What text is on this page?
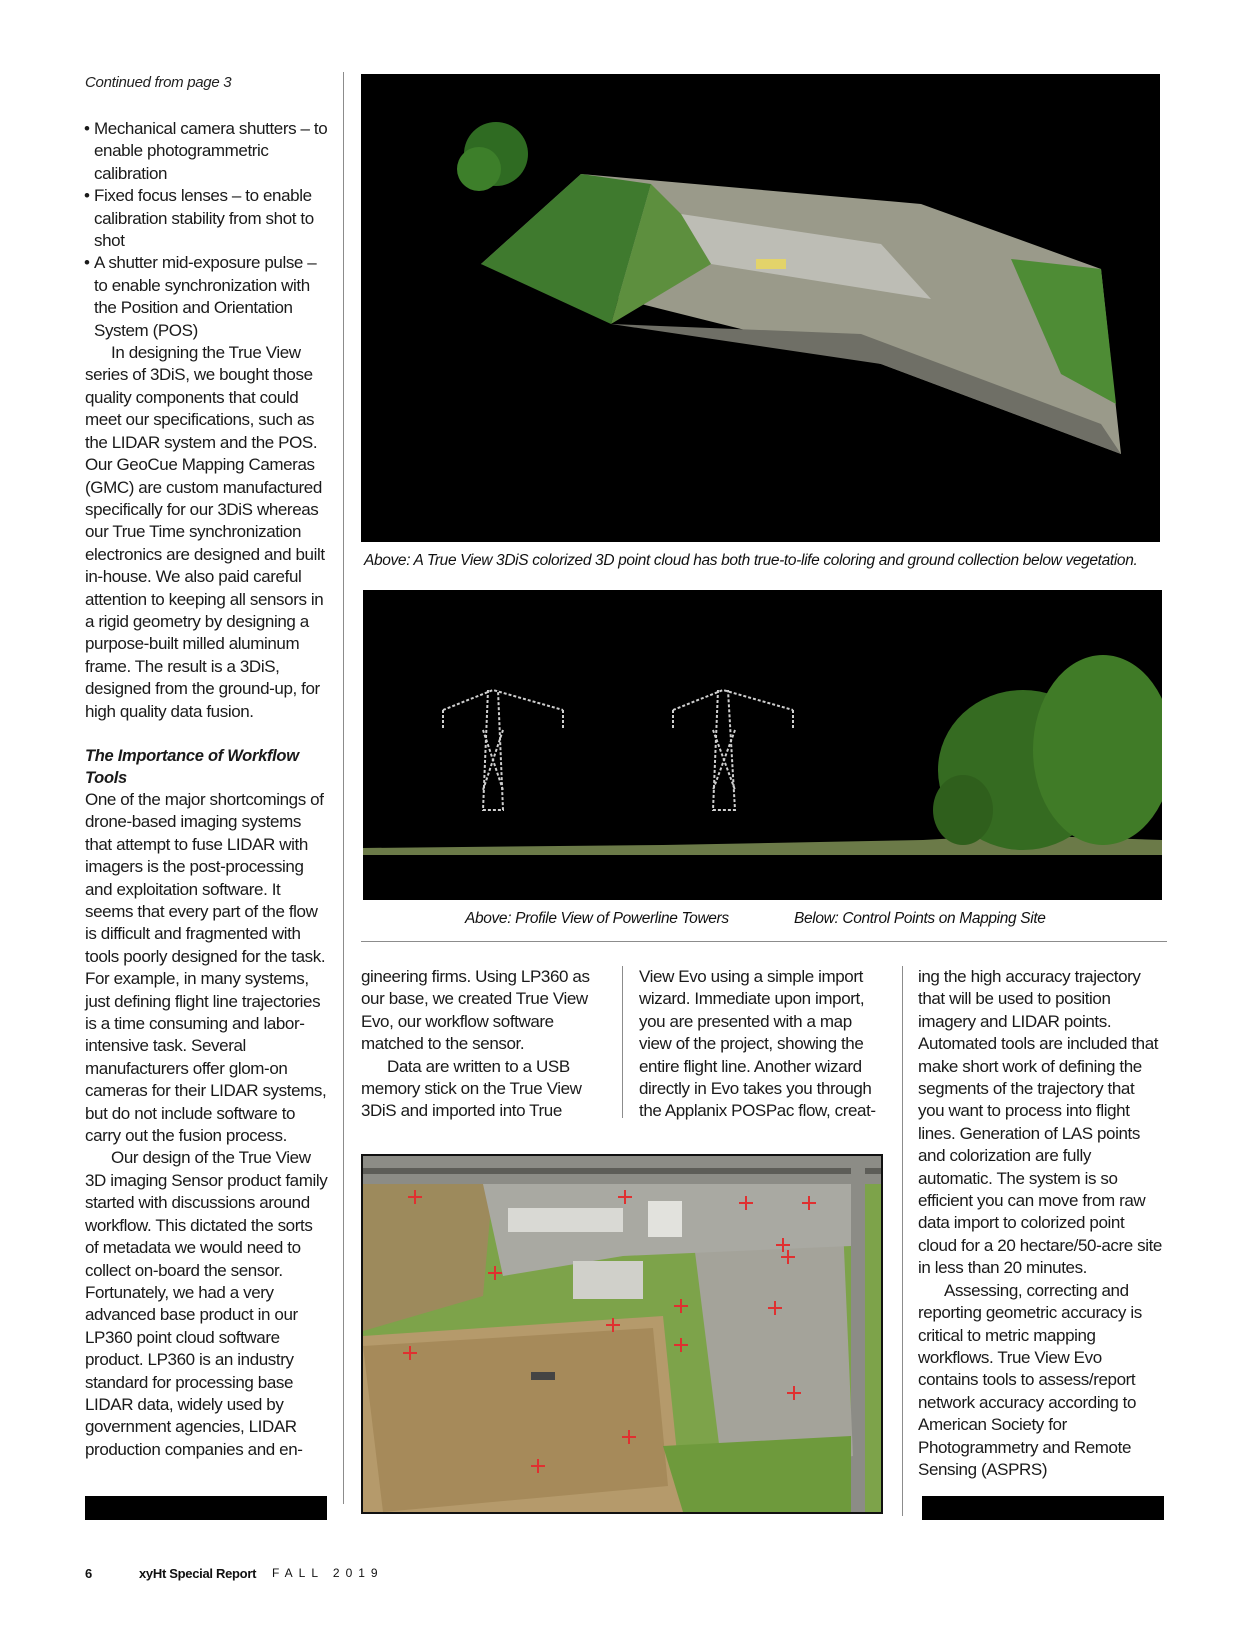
Continued from page 3
• Mechanical camera shutters – to enable photogrammetric calibration
• Fixed focus lenses – to enable calibration stability from shot to shot
• A shutter mid-exposure pulse – to enable synchronization with the Position and Orientation System (POS)

In designing the True View series of 3DiS, we bought those quality components that could meet our specifications, such as the LIDAR system and the POS. Our GeoCue Mapping Cameras (GMC) are custom manufactured specifically for our 3DiS whereas our True Time synchronization electronics are designed and built in-house. We also paid careful attention to keeping all sensors in a rigid geometry by designing a purpose-built milled aluminum frame. The result is a 3DiS, designed from the ground-up, for high quality data fusion.

The Importance of Workflow Tools

One of the major shortcomings of drone-based imaging systems that attempt to fuse LIDAR with imagers is the post-processing and exploitation software. It seems that every part of the flow is difficult and fragmented with tools poorly designed for the task. For example, in many systems, just defining flight line trajectories is a time consuming and labor-intensive task. Several manufacturers offer glom-on cameras for their LIDAR systems, but do not include software to carry out the fusion process.

Our design of the True View 3D imaging Sensor product family started with discussions around workflow. This dictated the sorts of metadata we would need to collect on-board the sensor. Fortunately, we had a very advanced base product in our LP360 point cloud software product. LP360 is an industry standard for processing base LIDAR data, widely used by government agencies, LIDAR production companies and en-

Above: A True View 3DiS colorized 3D point cloud has both true-to-life coloring and ground collection below vegetation.
Above: Profile View of Powerline Towers	Below: Control Points on Mapping Site

gineering firms. Using LP360 as our base, we created True View Evo, our workflow software matched to the sensor.

Data are written to a USB memory stick on the True View 3DiS and imported into True

View Evo using a simple import wizard. Immediate upon import, you are presented with a map view of the project, showing the entire flight line. Another wizard directly in Evo takes you through the Applanix POSPac flow, creat-

ing the high accuracy trajectory that will be used to position imagery and LIDAR points. Automated tools are included that make short work of defining the segments of the trajectory that you want to process into flight lines. Generation of LAS points and colorization are fully automatic. The system is so efficient you can move from raw data import to colorized point cloud for a 20 hectare/50-acre site in less than 20 minutes.

Assessing, correcting and reporting geometric accuracy is critical to metric mapping workflows. True View Evo contains tools to assess/report network accuracy according to American Society for Photogrammetry and Remote Sensing (ASPRS)

6	xyHt Special Report FALL 2019
